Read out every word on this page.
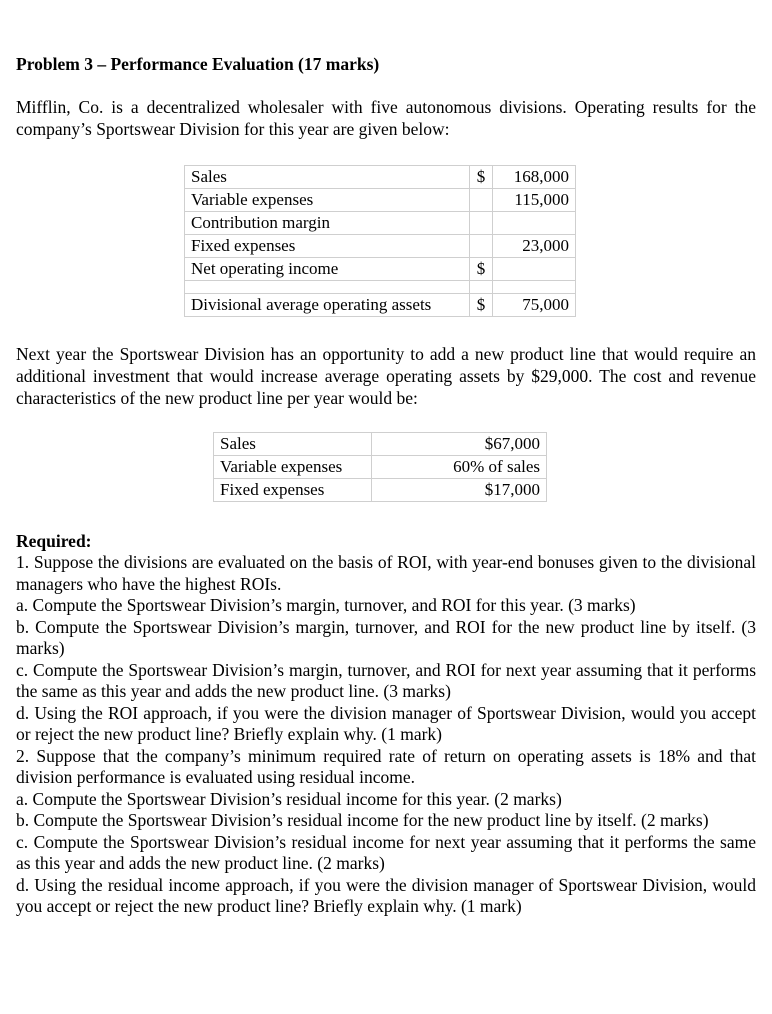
Problem 3 – Performance Evaluation (17 marks)
Mifflin, Co. is a decentralized wholesaler with five autonomous divisions. Operating results for the company’s Sportswear Division for this year are given below:
Sales	$	168,000
Variable expenses		115,000
Contribution margin		
Fixed expenses		23,000
Net operating income	$	

Divisional average operating assets	$	75,000
Next year the Sportswear Division has an opportunity to add a new product line that would require an additional investment that would increase average operating assets by $29,000. The cost and revenue characteristics of the new product line per year would be:
Sales	$67,000
Variable expenses	60% of sales
Fixed expenses	$17,000
Required:

1. Suppose the divisions are evaluated on the basis of ROI, with year-end bonuses given to the divisional managers who have the highest ROIs.

a. Compute the Sportswear Division’s margin, turnover, and ROI for this year. (3 marks)

b. Compute the Sportswear Division’s margin, turnover, and ROI for the new product line by itself. (3 marks)

c. Compute the Sportswear Division’s margin, turnover, and ROI for next year assuming that it performs the same as this year and adds the new product line. (3 marks)

d. Using the ROI approach, if you were the division manager of Sportswear Division, would you accept or reject the new product line? Briefly explain why. (1 mark)

2. Suppose that the company’s minimum required rate of return on operating assets is 18% and that division performance is evaluated using residual income.

a. Compute the Sportswear Division’s residual income for this year. (2 marks)

b. Compute the Sportswear Division’s residual income for the new product line by itself. (2 marks)

c. Compute the Sportswear Division’s residual income for next year assuming that it performs the same as this year and adds the new product line. (2 marks)

d. Using the residual income approach, if you were the division manager of Sportswear Division, would you accept or reject the new product line? Briefly explain why. (1 mark)
